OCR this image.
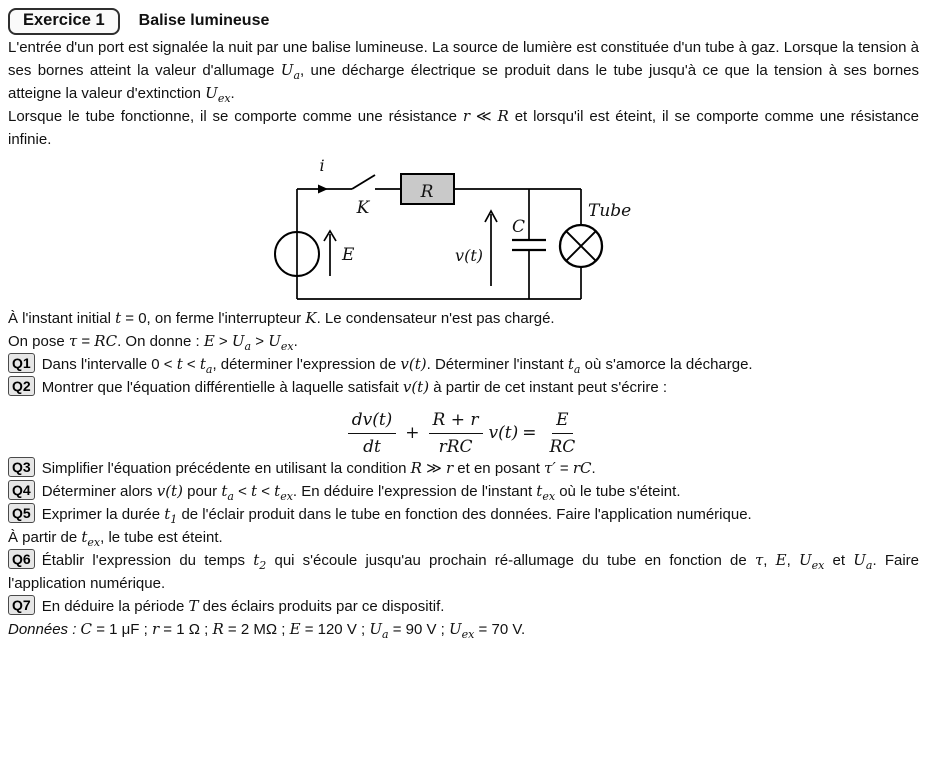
Exercice 1	Balise lumineuse

L'entrée d'un port est signalée la nuit par une balise lumineuse. La source de lumière est constituée d'un tube à gaz. Lorsque la tension à ses bornes atteint la valeur d'allumage $U_a$, une décharge électrique se produit dans le tube jusqu'à ce que la tension à ses bornes atteigne la valeur d'extinction $U_{ex}$.

Lorsque le tube fonctionne, il se comporte comme une résistance r ≪ R et lorsqu'il est éteint, il se comporte comme une résistance infinie.

i
K
R
E	v(t)
C
Tube

À l'instant initial t = 0, on ferme l'interrupteur K. Le condensateur n'est pas chargé.

On pose τ = RC. On donne : $E > U_a > U_{ex}$.

Q1 Dans l'intervalle $0 < t < t_a$, déterminer l'expression de v(t). Déterminer l'instant $t_a$ où s'amorce la décharge.

Q2 Montrer que l'équation différentielle à laquelle satisfait v(t) à partir de cet instant peut s'écrire :

$\frac{dv(t)}{dt} + \frac{R + r}{\text{rRC}} v(t) = \frac{E}{RC}$

Q3 Simplifier l'équation précédente en utilisant la condition R ≫ r et en posant τ′ = rC.

Q4 Déterminer alors v(t) pour $t_a < t < t_{ex}$. En déduire l'expression de l'instant $t_{ex}$ où le tube s'éteint.

Q5 Exprimer la durée $t_1$ de l'éclair produit dans le tube en fonction des données. Faire l'application numérique.

À partir de $t_{ex}$, le tube est éteint.

Q6 Établir l'expression du temps $t_2$ qui s'écoule jusqu'au prochain ré-allumage du tube en fonction de τ, E, $U_{ex}$ et $U_a$. Faire l'application numérique.

Q7 En déduire la période T des éclairs produits par ce dispositif.

Données : C = 1 μF ; r = 1 Ω ; R = 2 MΩ ; E = 120 V ; $U_a = 90$ V ; $U_{ex} = 70$ V.
